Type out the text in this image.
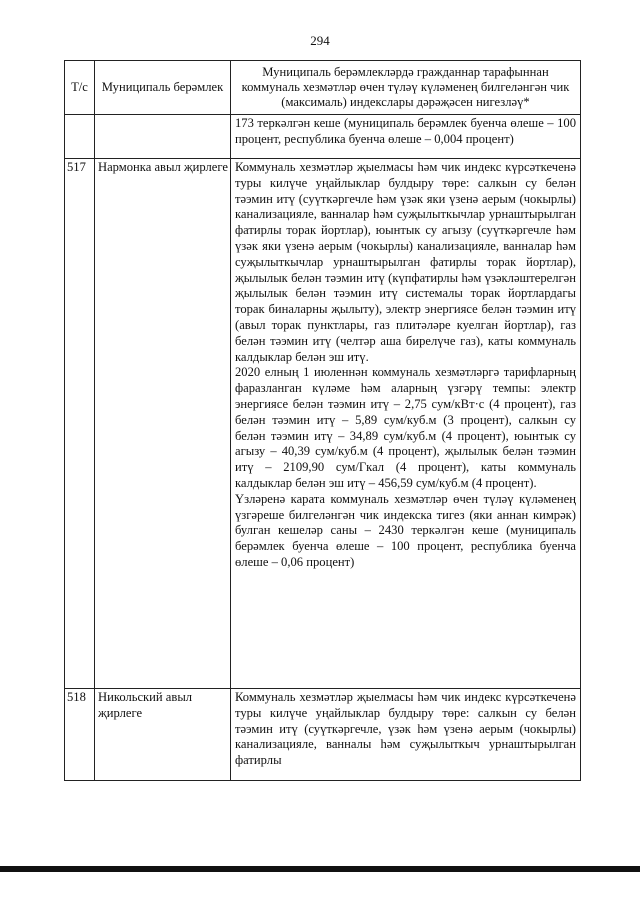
294
Т/с	Муниципаль берәмлек	Муниципаль берәмлекләрдә гражданнар тарафыннан коммуналь хезмәтләр өчен түләү күләменең билгеләнгән чик (максималь) индекслары дәрәҗәсен нигезләү*

		173 теркәлгән кеше (муниципаль берәмлек буенча өлеше – 100 процент, республика буенча өлеше – 0,004 процент)

517	Нармонка авыл җирлеге	Коммуналь хезмәтләр җыелмасы һәм чик индекс күрсәткеченә туры килүче уңайлыклар булдыру төре: салкын су белән тәэмин итү (суүткәргечле һәм үзәк яки үзенә аерым (чокырлы) канализацияле, ванналар һәм суҗылыткычлар урнаштырылган фатирлы торак йортлар), юынтык су агызу (суүткәргечле һәм үзәк яки үзенә аерым (чокырлы) канализацияле, ванналар һәм суҗылыткычлар урнаштырылган фатирлы торак йортлар), җылылык белән тәэмин итү (күпфатирлы һәм үзәкләштерелгән җылылык белән тәэмин итү системалы торак йортлардагы торак биналарны җылыту), электр энергиясе белән тәэмин итү (авыл торак пунктлары, газ плитәләре куелган йортлар), газ белән тәэмин итү (челтәр аша бирелүче газ), каты коммуналь калдыклар белән эш итү.

2020 елның 1 июленнән коммуналь хезмәтләргә тарифларның фаразланган күләме һәм аларның үзгәрү темпы: электр энергиясе белән тәэмин итү – 2,75 сум/кВт·с (4 процент), газ белән тәэмин итү – 5,89 сум/куб.м (3 процент), салкын су белән тәэмин итү – 34,89 сум/куб.м (4 процент), юынтык су агызу – 40,39 сум/куб.м (4 процент), җылылык белән тәэмин итү – 2109,90 сум/Гкал (4 процент), каты коммуналь калдыклар белән эш итү – 456,59 сум/куб.м (4 процент).

Үзләренә карата коммуналь хезмәтләр өчен түләү күләменең үзгәреше билгеләнгән чик индекска тигез (яки аннан кимрәк) булган кешеләр саны – 2430 теркәлгән кеше (муниципаль берәмлек буенча өлеше – 100 процент, республика буенча өлеше – 0,06 процент)

518	Никольский авыл җирлеге	Коммуналь хезмәтләр җыелмасы һәм чик индекс күрсәткеченә туры килүче уңайлыклар булдыру төре: салкын су белән тәэмин итү (суүткәргечле, үзәк һәм үзенә аерым (чокырлы) канализацияле, ванналы һәм суҗылыткыч урнаштырылган фатирлы
